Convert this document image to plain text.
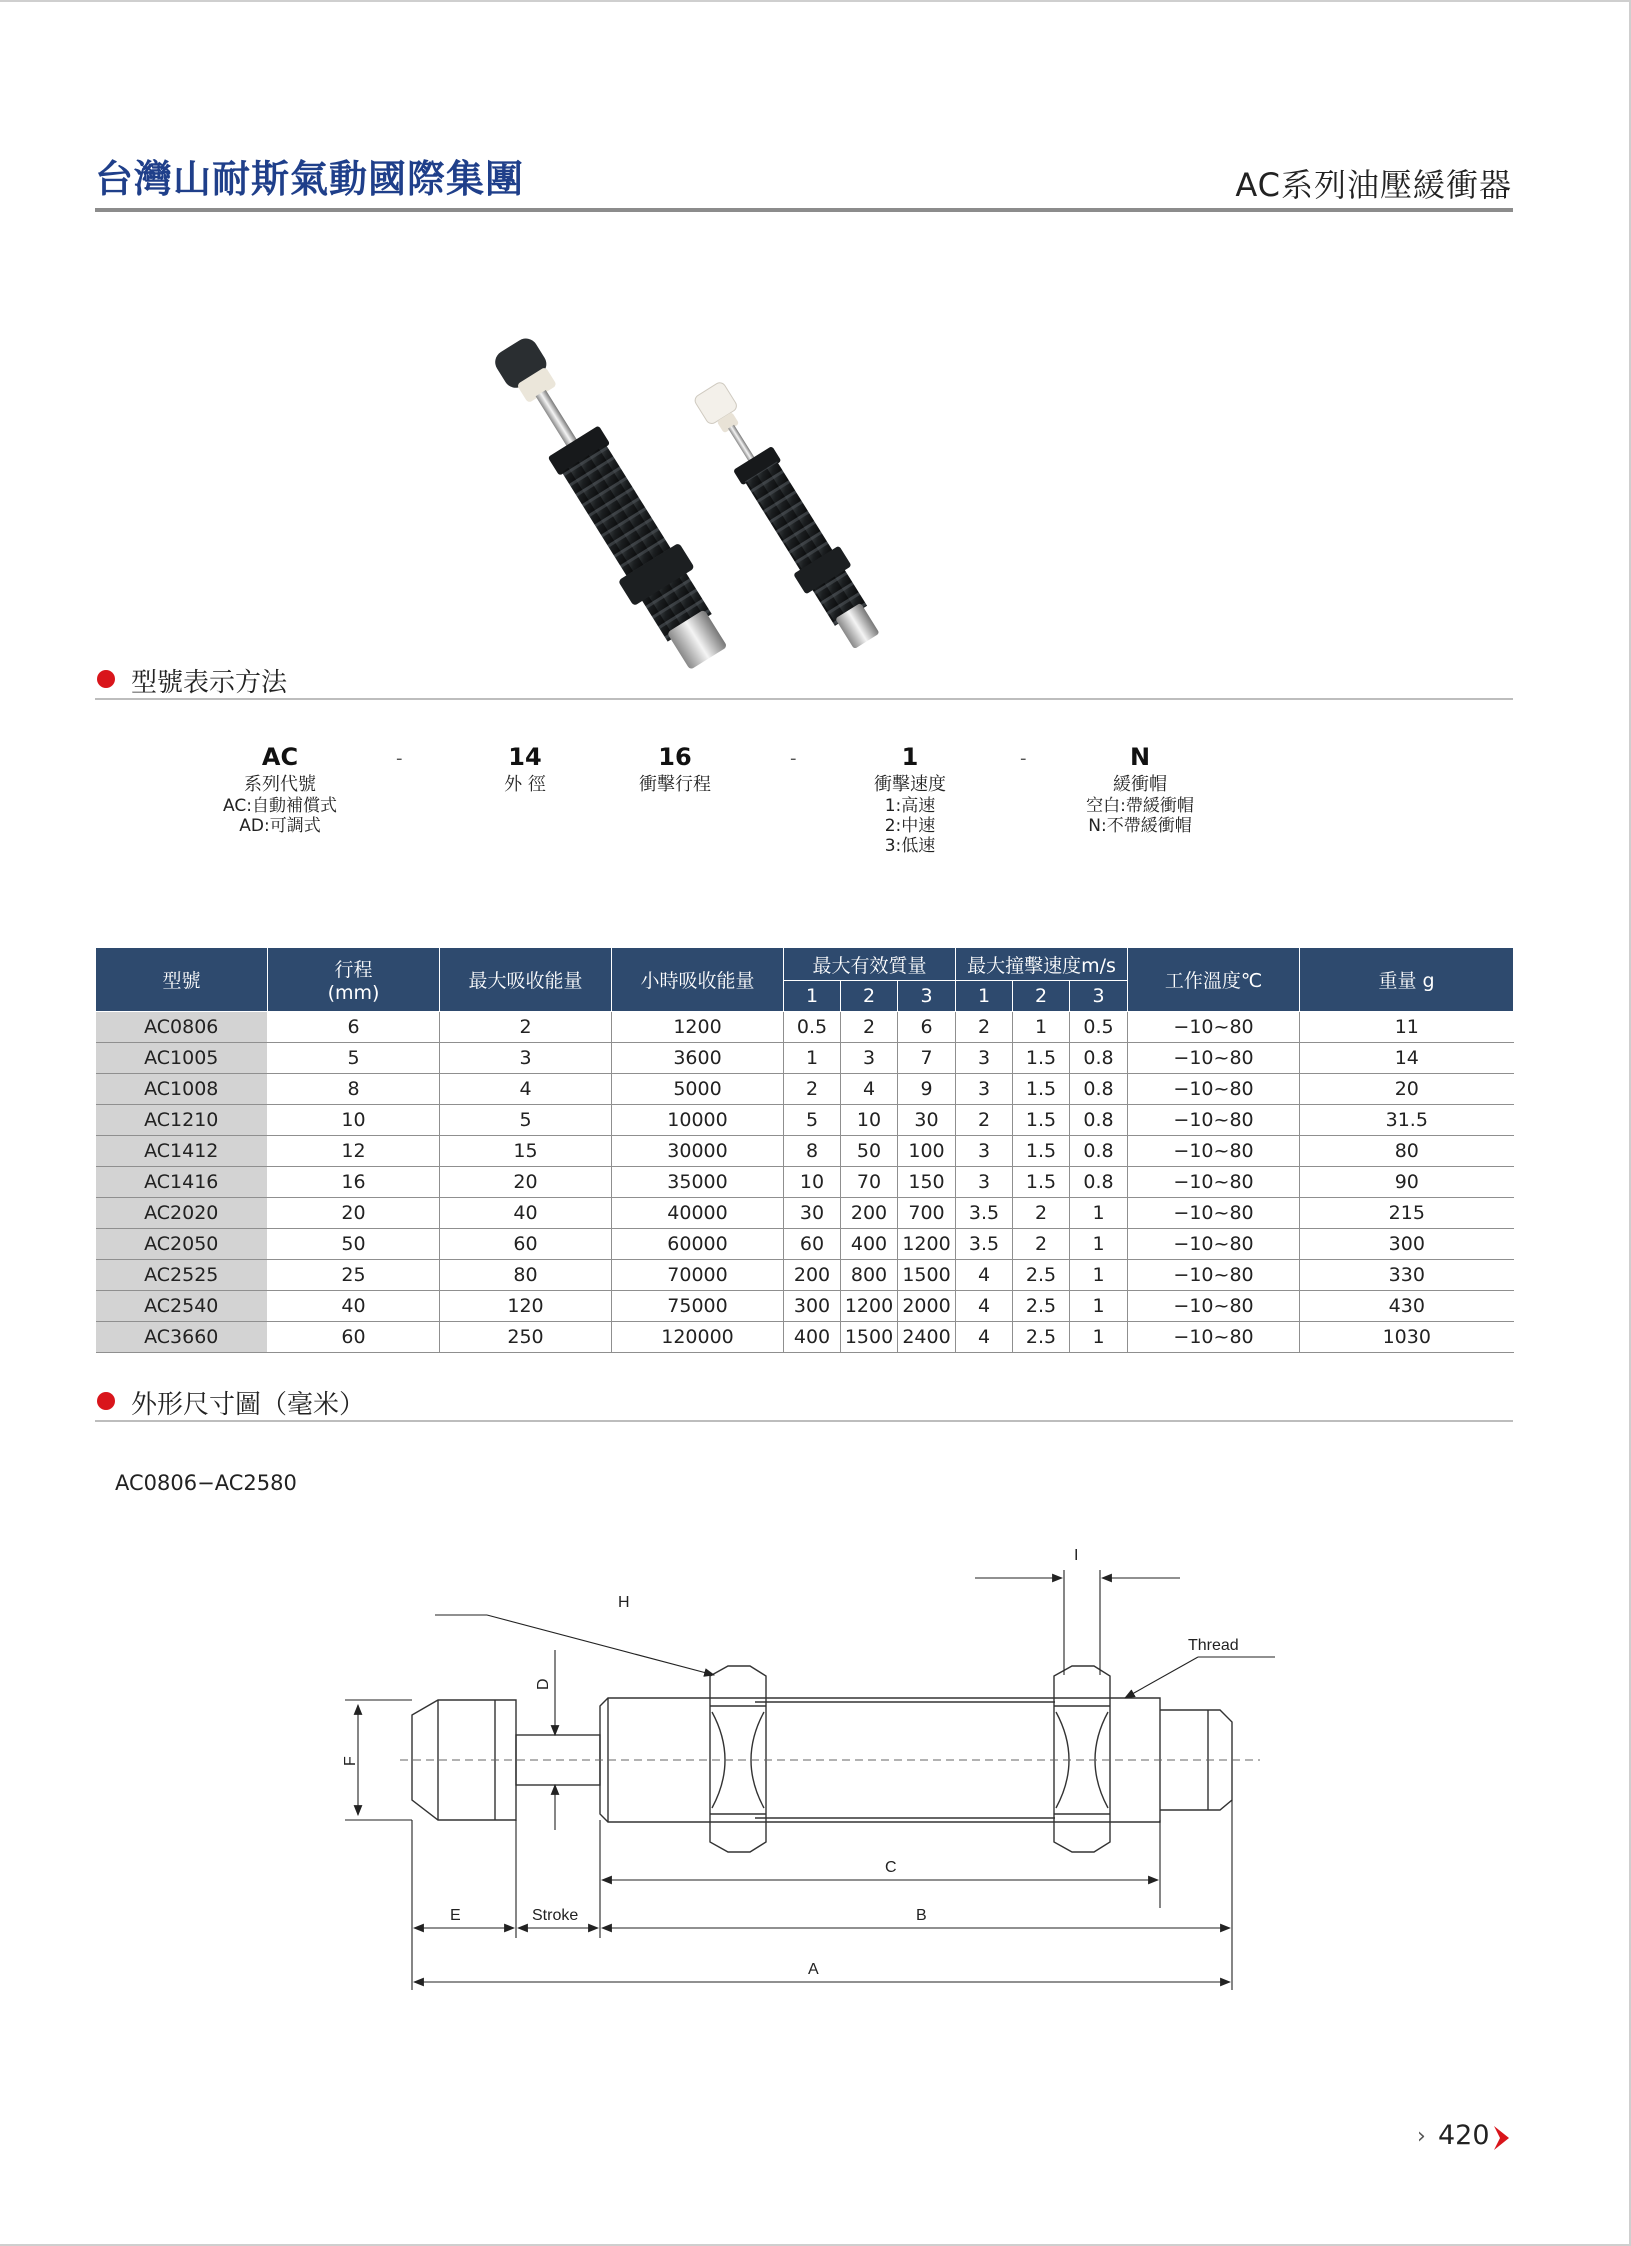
台灣山耐斯氣動國際集團	AC系列油壓緩衝器
型號表示方法
AC
系列代號
AC:自動補償式
AD:可調式
-	14
外 徑
16
衝擊行程
-	1
衝擊速度
1:高速
2:中速
3:低速
-	N
緩衝帽
空白:帶緩衝帽
N:不帶緩衝帽
型號	行程
(mm)	最大吸收能量	小時吸收能量	最大有效質量			最大撞擊速度m/s			工作溫度℃	重量 g
				1	2	3	1	2	3		
AC0806	6	2	1200	0.5	2	6	2	1	0.5	−10~80	11
AC1005	5	3	3600	1	3	7	3	1.5	0.8	−10~80	14
AC1008	8	4	5000	2	4	9	3	1.5	0.8	−10~80	20
AC1210	10	5	10000	5	10	30	2	1.5	0.8	−10~80	31.5
AC1412	12	15	30000	8	50	100	3	1.5	0.8	−10~80	80
AC1416	16	20	35000	10	70	150	3	1.5	0.8	−10~80	90
AC2020	20	40	40000	30	200	700	3.5	2	1	−10~80	215
AC2050	50	60	60000	60	400	1200	3.5	2	1	−10~80	300
AC2525	25	80	70000	200	800	1500	4	2.5	1	−10~80	330
AC2540	40	120	75000	300	1200	2000	4	2.5	1	−10~80	430
AC3660	60	250	120000	400	1500	2400	4	2.5	1	−10~80	1030
外形尺寸圖（毫米）
AC0806−AC2580
H
D
F
I
Thread
C
E	Stroke	B
A
› 420
